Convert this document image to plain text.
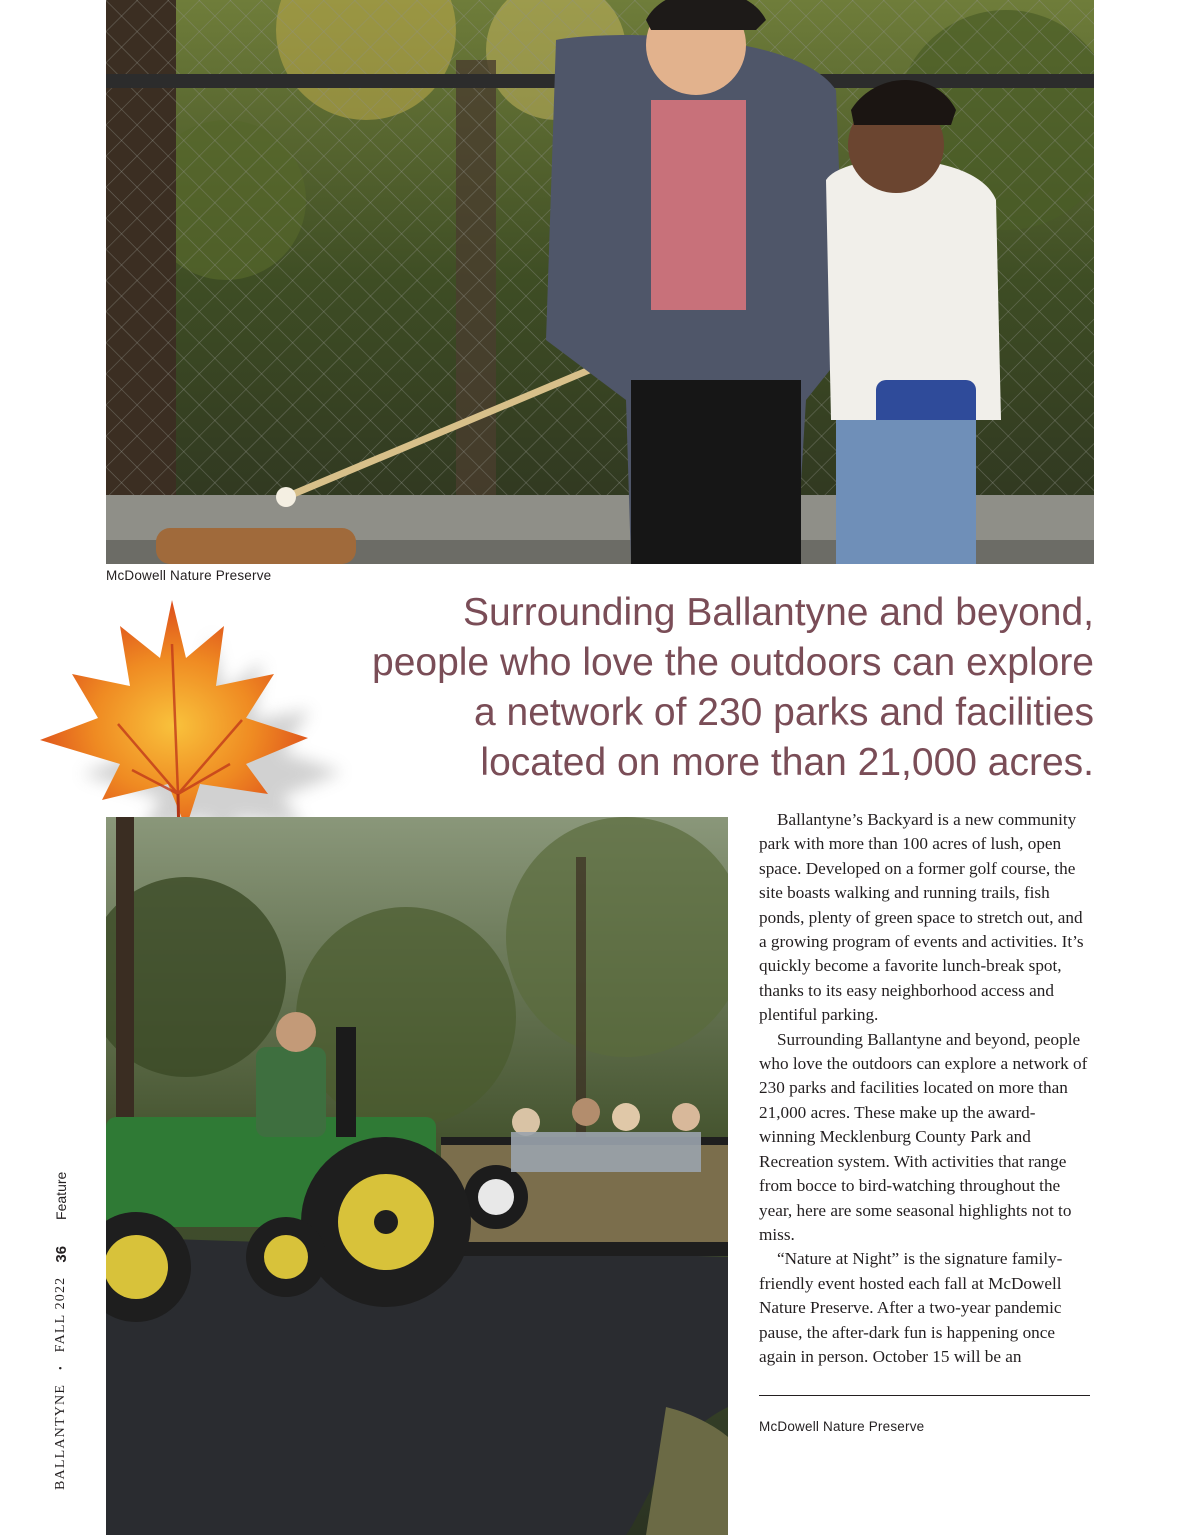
McDowell Nature Preserve
Surrounding Ballantyne and beyond,
people who love the outdoors can explore
a network of 230 parks and facilities
located on more than 21,000 acres.

Ballantyne’s Backyard is a new community park with more than 100 acres of lush, open space. Developed on a former golf course, the site boasts walking and running trails, fish ponds, plenty of green space to stretch out, and a growing program of events and activities. It’s quickly become a favorite lunch-break spot, thanks to its easy neighborhood access and plentiful parking.

Surrounding Ballantyne and beyond, people who love the outdoors can explore a network of 230 parks and facilities located on more than 21,000 acres. These make up the award-winning Mecklenburg County Park and Recreation system. With activities that range from bocce to bird-watching throughout the year, here are some seasonal highlights not to miss.

“Nature at Night” is the signature family-friendly event hosted each fall at McDowell Nature Preserve. After a two-year pandemic pause, the after-dark fun is happening once again in person. October 15 will be an

McDowell Nature Preserve
BALLANTYNE
•
FALL 2022
36
Feature
